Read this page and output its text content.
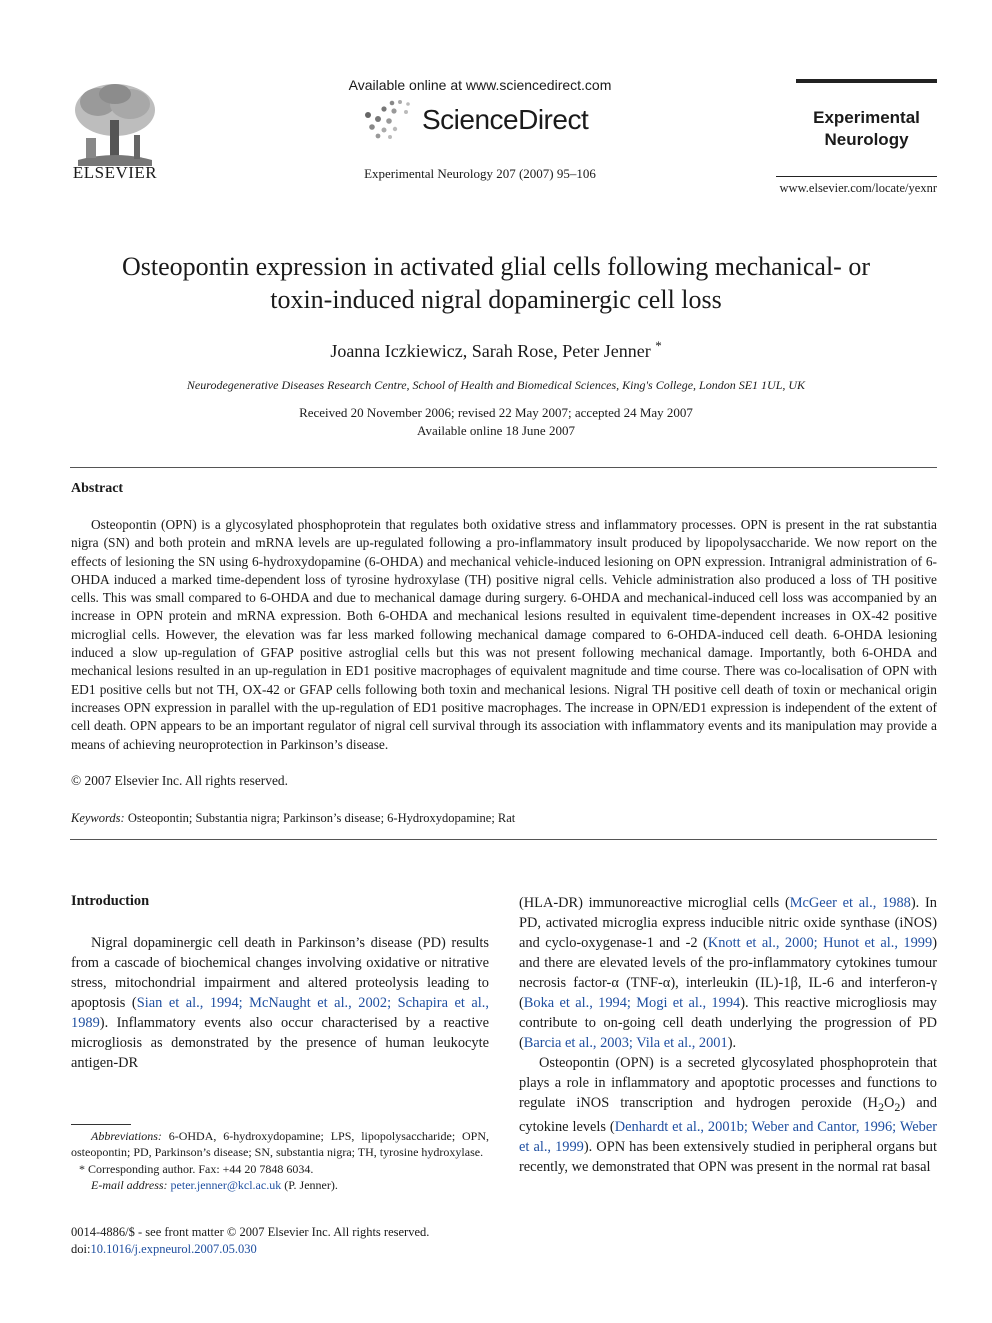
ELSEVIER
Available online at www.sciencedirect.com
ScienceDirect
Experimental Neurology 207 (2007) 95–106
Experimental
Neurology
www.elsevier.com/locate/yexnr
Osteopontin expression in activated glial cells following mechanical- or
toxin-induced nigral dopaminergic cell loss
Joanna Iczkiewicz, Sarah Rose, Peter Jenner *
Neurodegenerative Diseases Research Centre, School of Health and Biomedical Sciences, King's College, London SE1 1UL, UK
Received 20 November 2006; revised 22 May 2007; accepted 24 May 2007
Available online 18 June 2007
Abstract
Osteopontin (OPN) is a glycosylated phosphoprotein that regulates both oxidative stress and inflammatory processes. OPN is present in the rat substantia nigra (SN) and both protein and mRNA levels are up-regulated following a pro-inflammatory insult produced by lipopolysaccharide. We now report on the effects of lesioning the SN using 6-hydroxydopamine (6-OHDA) and mechanical vehicle-induced lesioning on OPN expression. Intranigral administration of 6-OHDA induced a marked time-dependent loss of tyrosine hydroxylase (TH) positive nigral cells. Vehicle administration also produced a loss of TH positive cells. This was small compared to 6-OHDA and due to mechanical damage during surgery. 6-OHDA and mechanical-induced cell loss was accompanied by an increase in OPN protein and mRNA expression. Both 6-OHDA and mechanical lesions resulted in equivalent time-dependent increases in OX-42 positive microglial cells. However, the elevation was far less marked following mechanical damage compared to 6-OHDA-induced cell death. 6-OHDA lesioning induced a slow up-regulation of GFAP positive astroglial cells but this was not present following mechanical damage. Importantly, both 6-OHDA and mechanical lesions resulted in an up-regulation in ED1 positive macrophages of equivalent magnitude and time course. There was co-localisation of OPN with ED1 positive cells but not TH, OX-42 or GFAP cells following both toxin and mechanical lesions. Nigral TH positive cell death of toxin or mechanical origin increases OPN expression in parallel with the up-regulation of ED1 positive macrophages. The increase in OPN/ED1 expression is independent of the extent of cell death. OPN appears to be an important regulator of nigral cell survival through its association with inflammatory events and its manipulation may provide a means of achieving neuroprotection in Parkinson’s disease.
© 2007 Elsevier Inc. All rights reserved.
Keywords: Osteopontin; Substantia nigra; Parkinson’s disease; 6-Hydroxydopamine; Rat
Introduction
Nigral dopaminergic cell death in Parkinson’s disease (PD) results from a cascade of biochemical changes involving oxidative or nitrative stress, mitochondrial impairment and altered proteolysis leading to apoptosis (Sian et al., 1994; McNaught et al., 2002; Schapira et al., 1989). Inflammatory events also occur characterised by a reactive microgliosis as demonstrated by the presence of human leukocyte antigen-DR

(HLA-DR) immunoreactive microglial cells (McGeer et al., 1988). In PD, activated microglia express inducible nitric oxide synthase (iNOS) and cyclo-oxygenase-1 and -2 (Knott et al., 2000; Hunot et al., 1999) and there are elevated levels of the pro-inflammatory cytokines tumour necrosis factor-α (TNF-α), interleukin (IL)-1β, IL-6 and interferon-γ (Boka et al., 1994; Mogi et al., 1994). This reactive microgliosis may contribute to on-going cell death underlying the progression of PD (Barcia et al., 2003; Vila et al., 2001).

Osteopontin (OPN) is a secreted glycosylated phosphoprotein that plays a role in inflammatory and apoptotic processes and functions to regulate iNOS transcription and hydrogen peroxide $(H_2O_2)$ and cytokine levels (Denhardt et al., 2001b; Weber and Cantor, 1996; Weber et al., 1999). OPN has been extensively studied in peripheral organs but recently, we demonstrated that OPN was present in the normal rat basal

Abbreviations: 6-OHDA, 6-hydroxydopamine; LPS, lipopolysaccharide; OPN, osteopontin; PD, Parkinson’s disease; SN, substantia nigra; TH, tyrosine hydroxylase.
* Corresponding author. Fax: +44 20 7848 6034.
E-mail address: peter.jenner@kcl.ac.uk (P. Jenner).
0014-4886/$ - see front matter © 2007 Elsevier Inc. All rights reserved.
doi:10.1016/j.expneurol.2007.05.030
